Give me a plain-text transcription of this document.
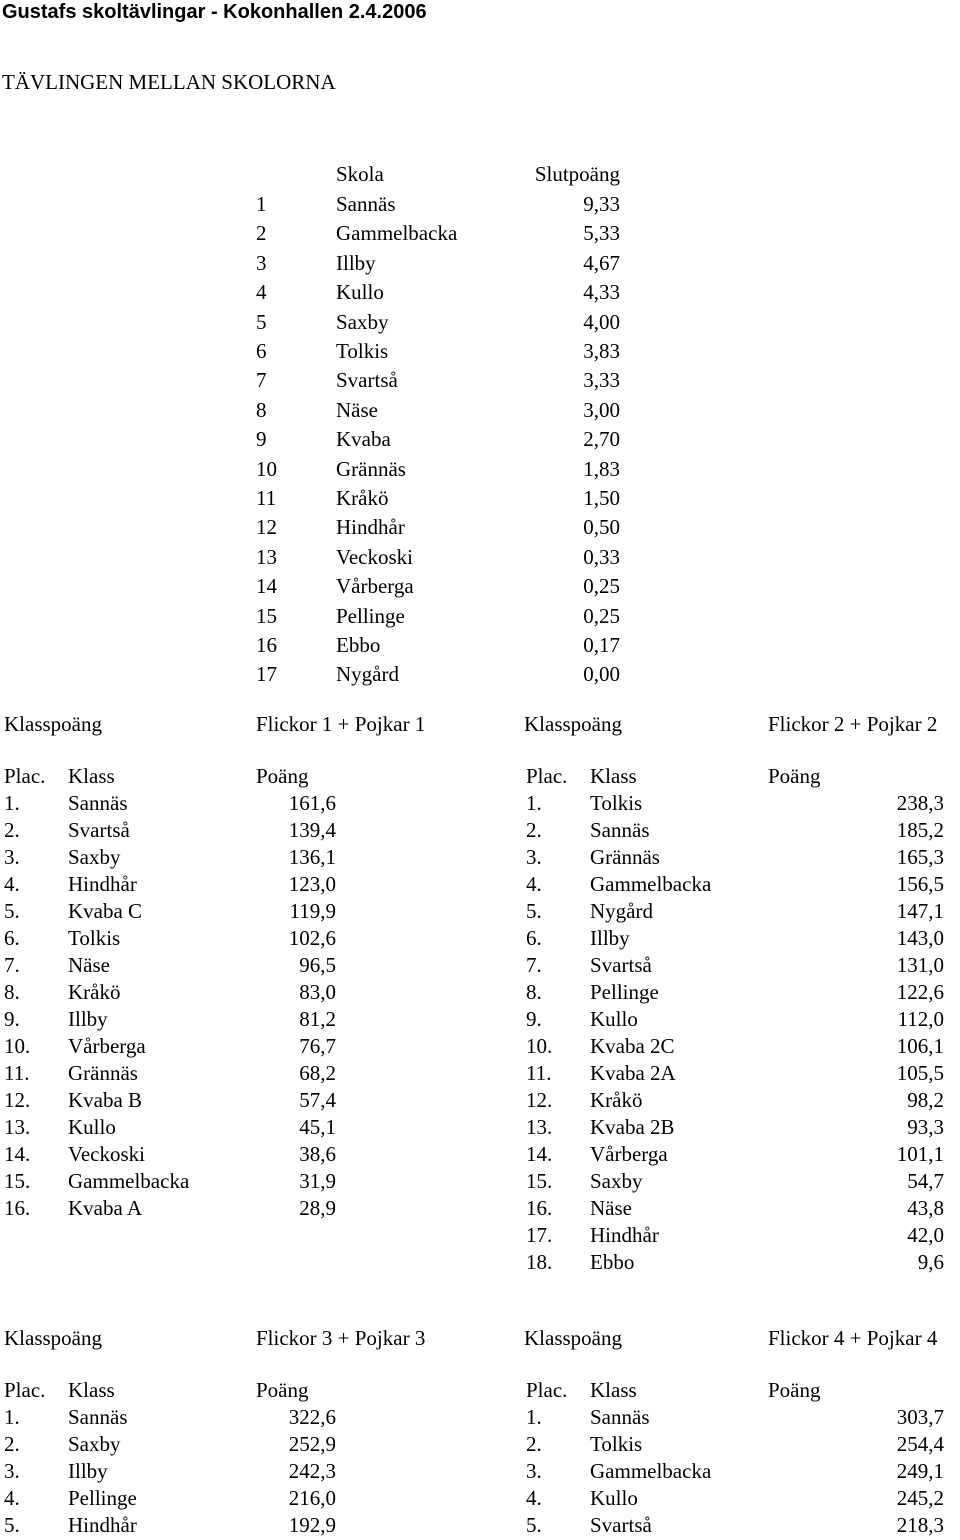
Gustafs skoltävlingar - Kokonhallen 2.4.2006
TÄVLINGEN MELLAN SKOLORNA
Skola	Slutpoäng
1	Sannäs	9,33
2	Gammelbacka	5,33
3	Illby	4,67
4	Kullo	4,33
5	Saxby	4,00
6	Tolkis	3,83
7	Svartså	3,33
8	Näse	3,00
9	Kvaba	2,70
10	Grännäs	1,83
11	Kråkö	1,50
12	Hindhår	0,50
13	Veckoski	0,33
14	Vårberga	0,25
15	Pellinge	0,25
16	Ebbo	0,17
17	Nygård	0,00
Klasspoäng	Flickor 1 + Pojkar 1	Klasspoäng	Flickor 2 + Pojkar 2
Plac. Klass	Poäng
1. Sannäs	161,6
2. Svartså	139,4
3. Saxby	136,1
4. Hindhår	123,0
5. Kvaba C	119,9
6. Tolkis	102,6
7. Näse	96,5
8. Kråkö	83,0
9. Illby	81,2
10. Vårberga	76,7
11. Grännäs	68,2
12. Kvaba B	57,4
13. Kullo	45,1
14. Veckoski	38,6
15. Gammelbacka	31,9
16. Kvaba A	28,9
Plac. Klass	Poäng
1. Tolkis	238,3
2. Sannäs	185,2
3. Grännäs	165,3
4. Gammelbacka	156,5
5. Nygård	147,1
6. Illby	143,0
7. Svartså	131,0
8. Pellinge	122,6
9. Kullo	112,0
10. Kvaba 2C	106,1
11. Kvaba 2A	105,5
12. Kråkö	98,2
13. Kvaba 2B	93,3
14. Vårberga	101,1
15. Saxby	54,7
16. Näse	43,8
17. Hindhår	42,0
18. Ebbo	9,6
Klasspoäng	Flickor 3 + Pojkar 3	Klasspoäng	Flickor 4 + Pojkar 4
Plac. Klass	Poäng
1. Sannäs	322,6
2. Saxby	252,9
3. Illby	242,3
4. Pellinge	216,0
5. Hindhår	192,9
Plac. Klass	Poäng
1. Sannäs	303,7
2. Tolkis	254,4
3. Gammelbacka	249,1
4. Kullo	245,2
5. Svartså	218,3
